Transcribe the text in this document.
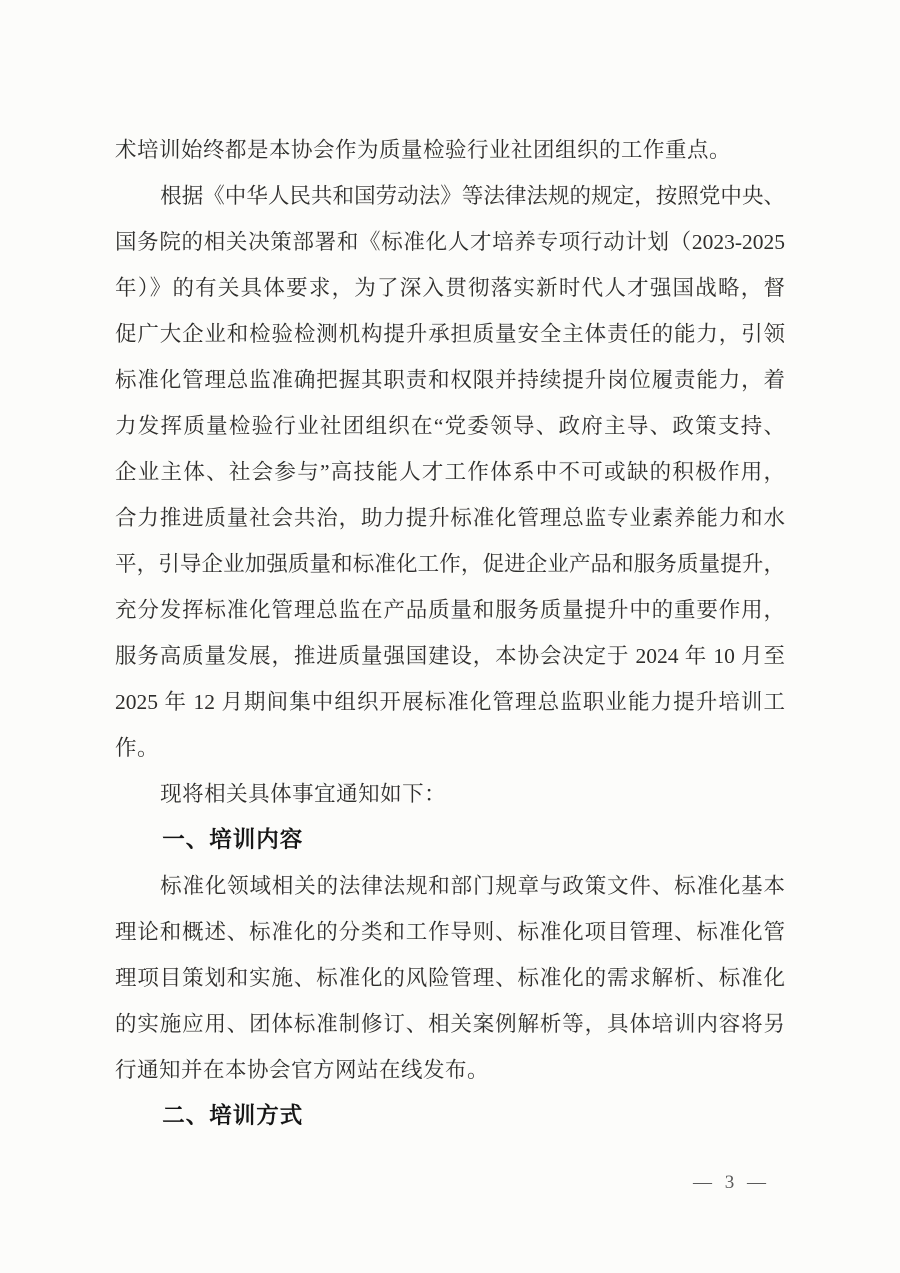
术培训始终都是本协会作为质量检验行业社团组织的工作重点。
根据《中华人民共和国劳动法》等法律法规的规定，按照党中央、
国务院的相关决策部署和《标准化人才培养专项行动计划（2023-2025
年）》的有关具体要求，为了深入贯彻落实新时代人才强国战略，督
促广大企业和检验检测机构提升承担质量安全主体责任的能力，引领
标准化管理总监准确把握其职责和权限并持续提升岗位履责能力，着
力发挥质量检验行业社团组织在“党委领导、政府主导、政策支持、
企业主体、社会参与”高技能人才工作体系中不可或缺的积极作用，
合力推进质量社会共治，助力提升标准化管理总监专业素养能力和水
平，引导企业加强质量和标准化工作，促进企业产品和服务质量提升，
充分发挥标准化管理总监在产品质量和服务质量提升中的重要作用，
服务高质量发展，推进质量强国建设，本协会决定于 2024 年 10 月至
2025 年 12 月期间集中组织开展标准化管理总监职业能力提升培训工
作。
现将相关具体事宜通知如下：
一、培训内容
标准化领域相关的法律法规和部门规章与政策文件、标准化基本
理论和概述、标准化的分类和工作导则、标准化项目管理、标准化管
理项目策划和实施、标准化的风险管理、标准化的需求解析、标准化
的实施应用、团体标准制修订、相关案例解析等，具体培训内容将另
行通知并在本协会官方网站在线发布。
二、培训方式
— 3 —
